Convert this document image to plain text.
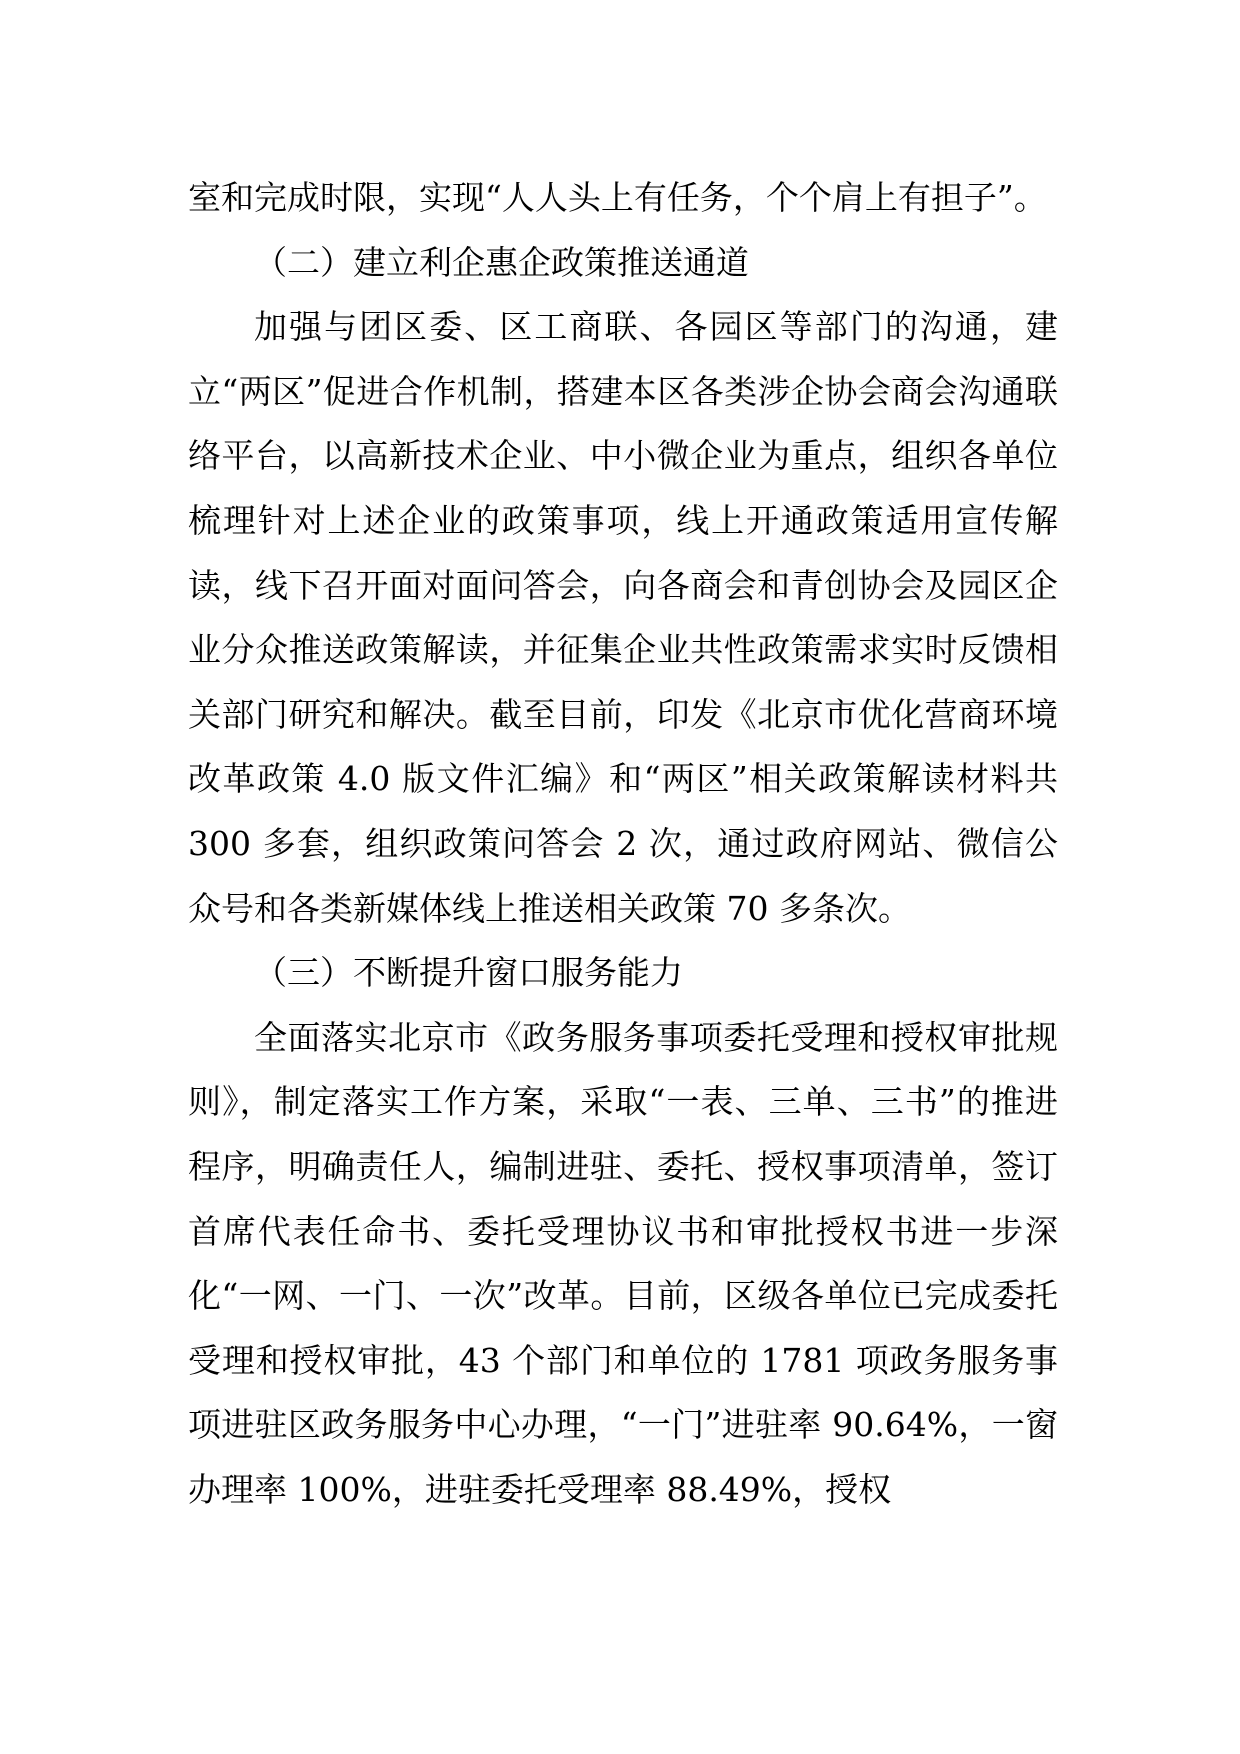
室和完成时限，实现“人人头上有任务，个个肩上有担子”。

（二）建立利企惠企政策推送通道

加强与团区委、区工商联、各园区等部门的沟通，建立“两区”促进合作机制，搭建本区各类涉企协会商会沟通联络平台，以高新技术企业、中小微企业为重点，组织各单位梳理针对上述企业的政策事项，线上开通政策适用宣传解读，线下召开面对面问答会，向各商会和青创协会及园区企业分众推送政策解读，并征集企业共性政策需求实时反馈相关部门研究和解决。截至目前，印发《北京市优化营商环境改革政策 4.0 版文件汇编》和“两区”相关政策解读材料共 300 多套，组织政策问答会 2 次，通过政府网站、微信公众号和各类新媒体线上推送相关政策 70 多条次。

（三）不断提升窗口服务能力

全面落实北京市《政务服务事项委托受理和授权审批规则》，制定落实工作方案，采取“一表、三单、三书”的推进程序，明确责任人，编制进驻、委托、授权事项清单，签订首席代表任命书、委托受理协议书和审批授权书进一步深化“一网、一门、一次”改革。目前，区级各单位已完成委托受理和授权审批，43 个部门和单位的 1781 项政务服务事项进驻区政务服务中心办理，“一门”进驻率 90.64%，一窗办理率 100%，进驻委托受理率 88.49%，授权
